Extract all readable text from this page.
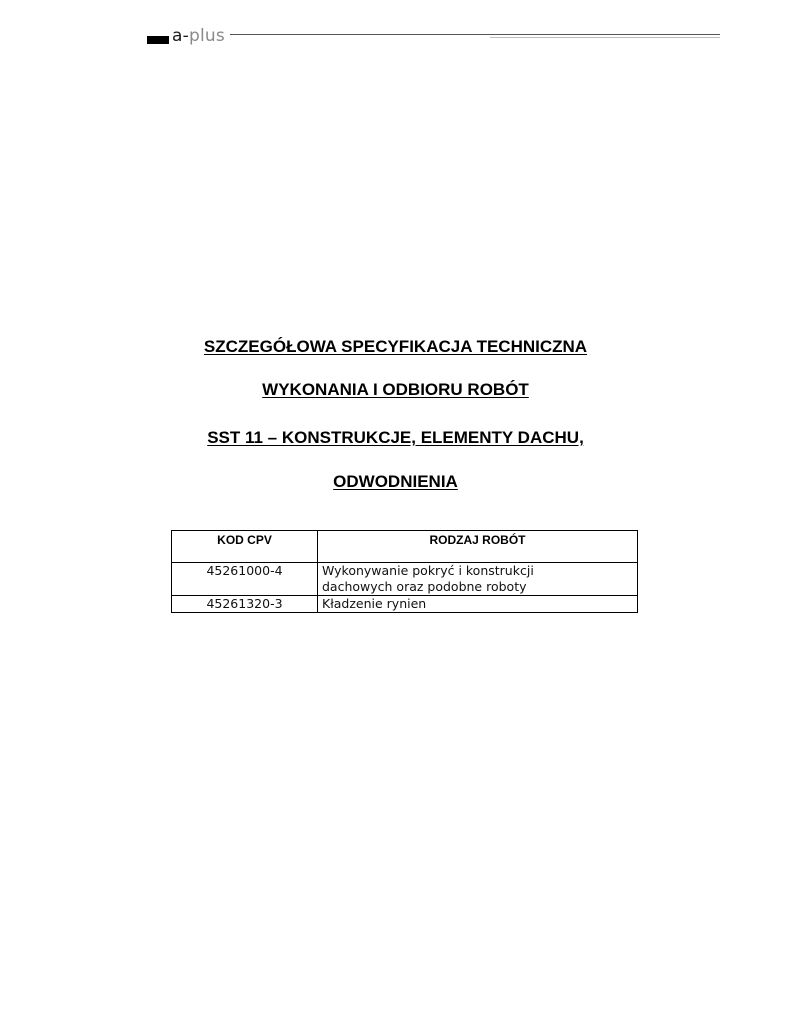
a-plus
SZCZEGÓŁOWA SPECYFIKACJA TECHNICZNA
WYKONANIA I ODBIORU ROBÓT
SST 11 – KONSTRUKCJE, ELEMENTY DACHU,
ODWODNIENIA
KOD CPV	RODZAJ ROBÓT
45261000-4	Wykonywanie pokryć i konstrukcji
dachowych oraz podobne roboty
45261320-3	Kładzenie rynien
